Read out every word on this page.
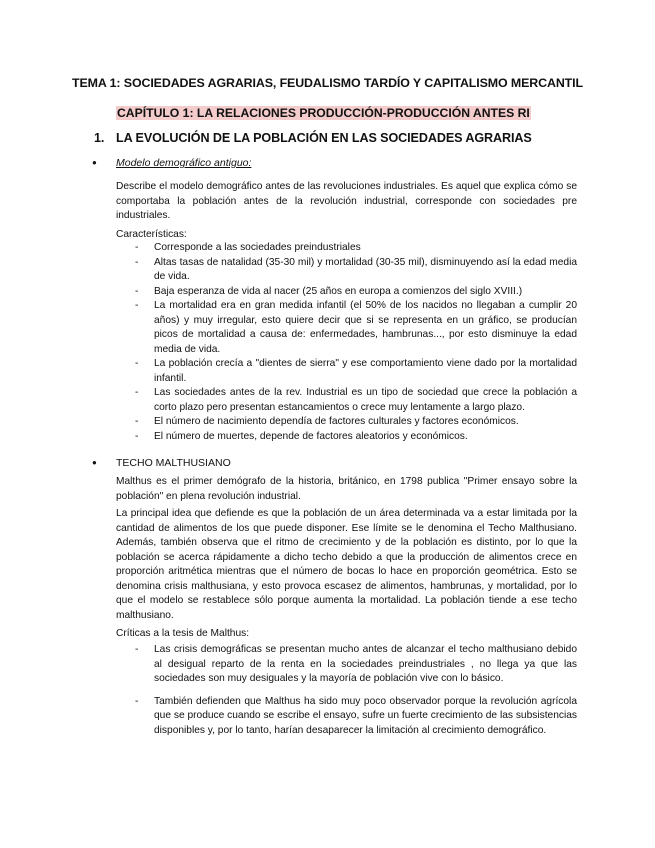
TEMA 1: SOCIEDADES AGRARIAS, FEUDALISMO TARDÍO Y CAPITALISMO MERCANTIL
CAPÍTULO 1: LA RELACIONES PRODUCCIÓN-PRODUCCIÓN ANTES RI
1. LA EVOLUCIÓN DE LA POBLACIÓN EN LAS SOCIEDADES AGRARIAS
● Modelo demográfico antiguo:
Describe el modelo demográfico antes de las revoluciones industriales. Es aquel que explica cómo se comportaba la población antes de la revolución industrial, corresponde con sociedades pre industriales.
Características:
- Corresponde a las sociedades preindustriales
- Altas tasas de natalidad (35-30 mil) y mortalidad (30-35 mil), disminuyendo así la edad media de vida.
- Baja esperanza de vida al nacer (25 años en europa a comienzos del siglo XVIII.)
- La mortalidad era en gran medida infantil (el 50% de los nacidos no llegaban a cumplir 20 años) y muy irregular, esto quiere decir que si se representa en un gráfico, se producían picos de mortalidad a causa de: enfermedades, hambrunas..., por esto disminuye la edad media de vida.
- La población crecía a "dientes de sierra" y ese comportamiento viene dado por la mortalidad infantil.
- Las sociedades antes de la rev. Industrial es un tipo de sociedad que crece la población a corto plazo pero presentan estancamientos o crece muy lentamente a largo plazo.
- El número de nacimiento dependía de factores culturales y factores económicos.
- El número de muertes, depende de factores aleatorios y económicos.
● TECHO MALTHUSIANO
Malthus es el primer demógrafo de la historia, británico, en 1798 publica "Primer ensayo sobre la población" en plena revolución industrial.
La principal idea que defiende es que la población de un área determinada va a estar limitada por la cantidad de alimentos de los que puede disponer. Ese límite se le denomina el Techo Malthusiano. Además, también observa que el ritmo de crecimiento y de la población es distinto, por lo que la población se acerca rápidamente a dicho techo debido a que la producción de alimentos crece en proporción aritmética mientras que el número de bocas lo hace en proporción geométrica. Esto se denomina crisis malthusiana, y esto provoca escasez de alimentos, hambrunas, y mortalidad, por lo que el modelo se restablece sólo porque aumenta la mortalidad. La población tiende a ese techo malthusiano.
Críticas a la tesis de Malthus:
- Las crisis demográficas se presentan mucho antes de alcanzar el techo malthusiano debido al desigual reparto de la renta en la sociedades preindustriales , no llega ya que las sociedades son muy desiguales y la mayoría de población vive con lo básico.
- También defienden que Malthus ha sido muy poco observador porque la revolución agrícola que se produce cuando se escribe el ensayo, sufre un fuerte crecimiento de las subsistencias disponibles y, por lo tanto, harían desaparecer la limitación al crecimiento demográfico.
